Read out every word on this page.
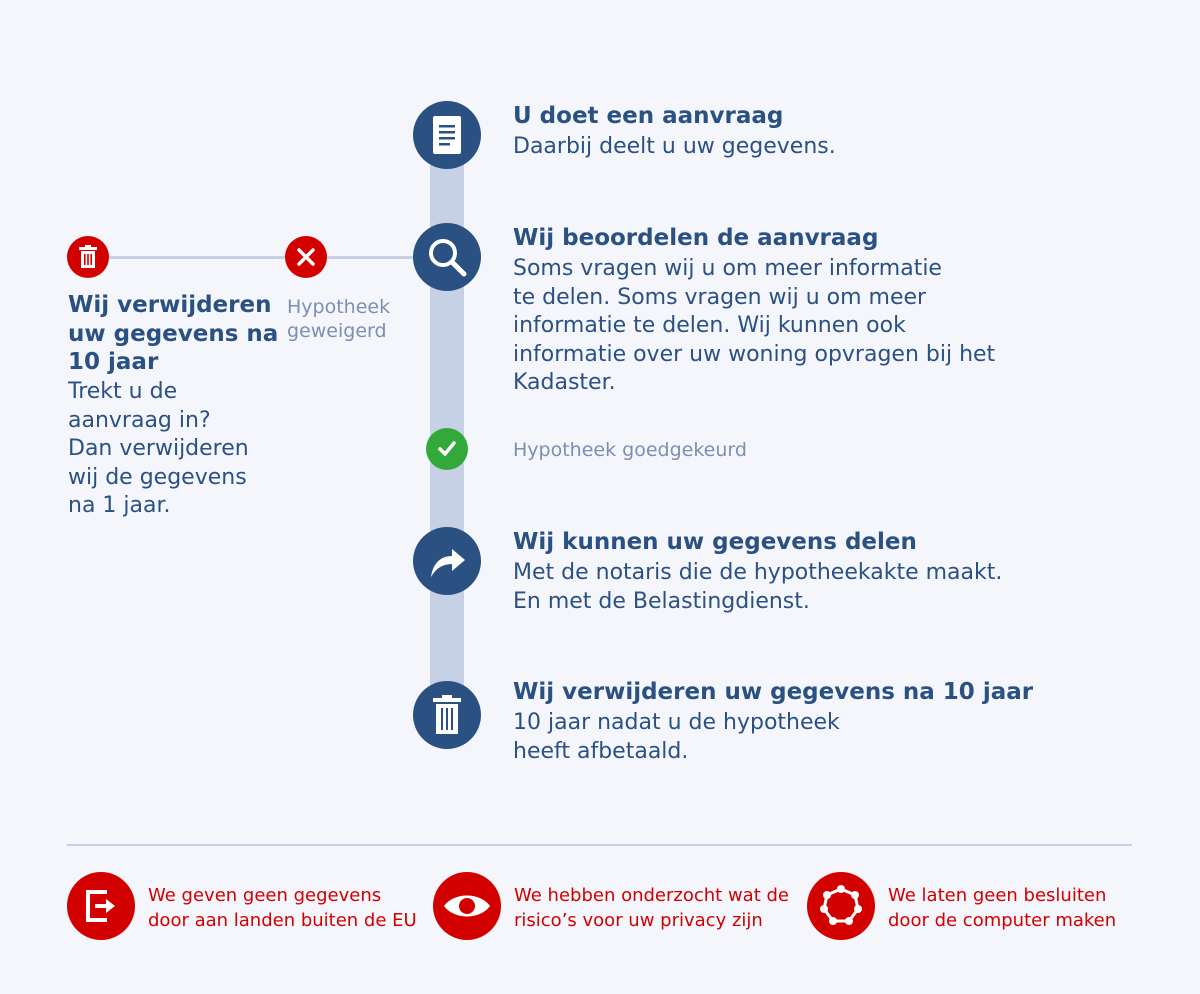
U doet een aanvraag
Daarbij deelt u uw gegevens.
Wij beoordelen de aanvraag
Soms vragen wij u om meer informatie
te delen. Soms vragen wij u om meer
informatie te delen. Wij kunnen ook
informatie over uw woning opvragen bij het
Kadaster.
Hypotheek
geweigerd
Wij verwijderen
uw gegevens na
10 jaar
Trekt u de
aanvraag in?
Dan verwijderen
wij de gegevens
na 1 jaar.
Hypotheek goedgekeurd
Wij kunnen uw gegevens delen
Met de notaris die de hypotheekakte maakt.
En met de Belastingdienst.
Wij verwijderen uw gegevens na 10 jaar
10 jaar nadat u de hypotheek
heeft afbetaald.
We geven geen gegevens
door aan landen buiten de EU
We hebben onderzocht wat de
risico’s voor uw privacy zijn
We laten geen besluiten
door de computer maken
